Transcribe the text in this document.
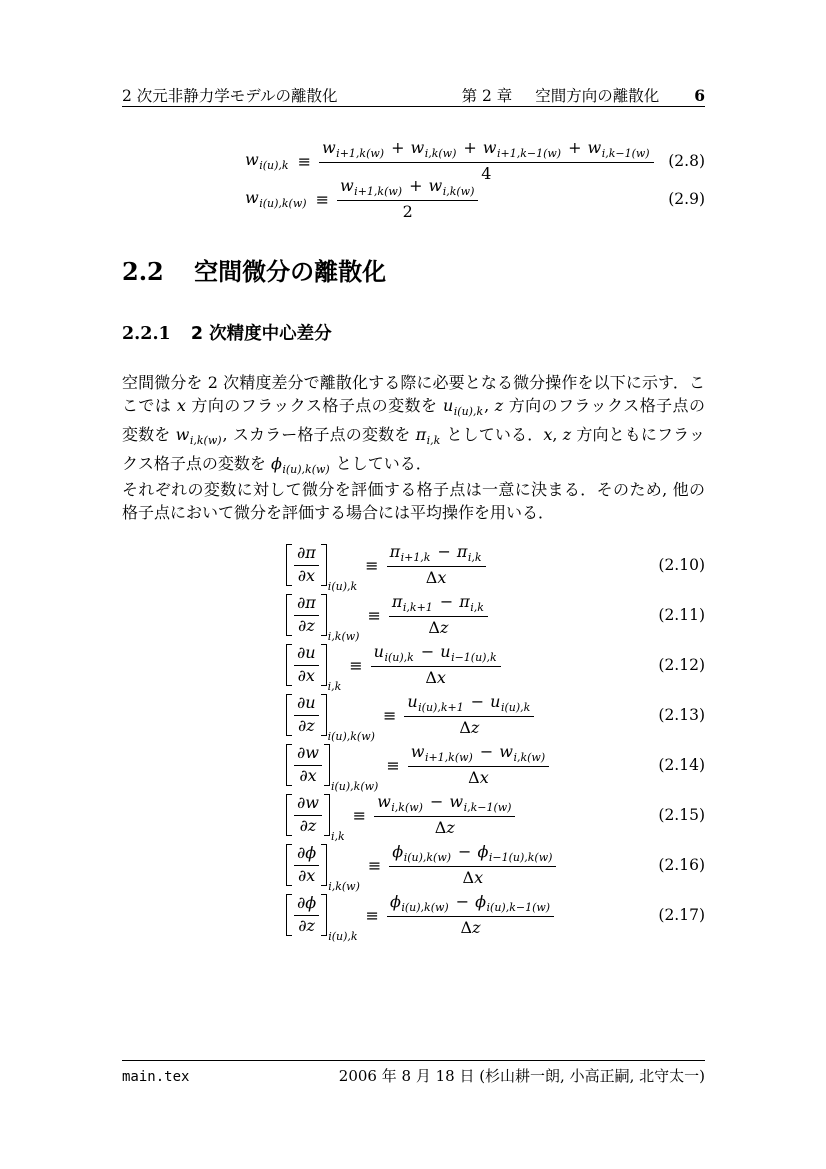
2 次元非静力学モデルの離散化	第 2 章 空間方向の離散化 6
$w_{i(u),k} \equiv \frac{w_{i+1,k(w)} + w_{i,k(w)} + w_{i+1,k-1(w)} + w_{i,k-1(w)}}{4} (2.8)$
$w_{i(u),k(w)} \equiv \frac{w_{i+1,k(w)} + w_{i,k(w)}}{2}$	(2.9)
2.2 空間微分の離散化
2.2.1 2 次精度中心差分

空間微分を 2 次精度差分で離散化する際に必要となる微分操作を以下に示す．ここでは x 方向のフラックス格子点の変数を $u_{i(u),k}$, z 方向のフラックス格子点の変数を $w_{i,k(w)}$, スカラー格子点の変数を $\pi_{i,k}$ としている．x, z 方向ともにフラックス格子点の変数を $\phi_{i(u),k(w)}$ としている．

それぞれの変数に対して微分を評価する格子点は一意に決まる．そのため, 他の格子点において微分を評価する場合には平均操作を用いる．

$\frac{\partial\pi}{\partial x}$
i(u),k
≡ $\frac{\pi_{i+1,k} - \pi_{i,k}}{\Delta x}$	(2.10)
$\frac{\partial\pi}{\partial z}$
i,k(w)
≡ $\frac{\pi_{i,k+1} - \pi_{i,k}}{\Delta z}$	(2.11)
$\frac{\partial u}{\partial x}$
i,k
≡ $\frac{u_{i(u),k} - u_{i-1(u),k}}{\Delta x}$	(2.12)
$\frac{\partial u}{\partial z}$
i(u),k(w)
≡ $\frac{u_{i(u),k+1} - u_{i(u),k}}{\Delta z}$	(2.13)
$\frac{\partial w}{\partial x}$
i(u),k(w)
≡ $\frac{w_{i+1,k(w)} - w_{i,k(w)}}{\Delta x}$	(2.14)
$\frac{\partial w}{\partial z}$
i,k
≡ $\frac{w_{i,k(w)} - w_{i,k-1(w)}}{\Delta z}$	(2.15)
$\frac{\partial\phi}{\partial x}$
i,k(w)
≡ $\frac{\phi_{i(u),k(w)} - \phi_{i-1(u),k(w)}}{\Delta x}$	(2.16)
$\frac{\partial\phi}{\partial z}$
i(u),k
≡ $\frac{\phi_{i(u),k(w)} - \phi_{i(u),k-1(w)}}{\Delta z}$	(2.17)
main.tex	2006 年 8 月 18 日 (杉山耕一朗, 小高正嗣, 北守太一)
